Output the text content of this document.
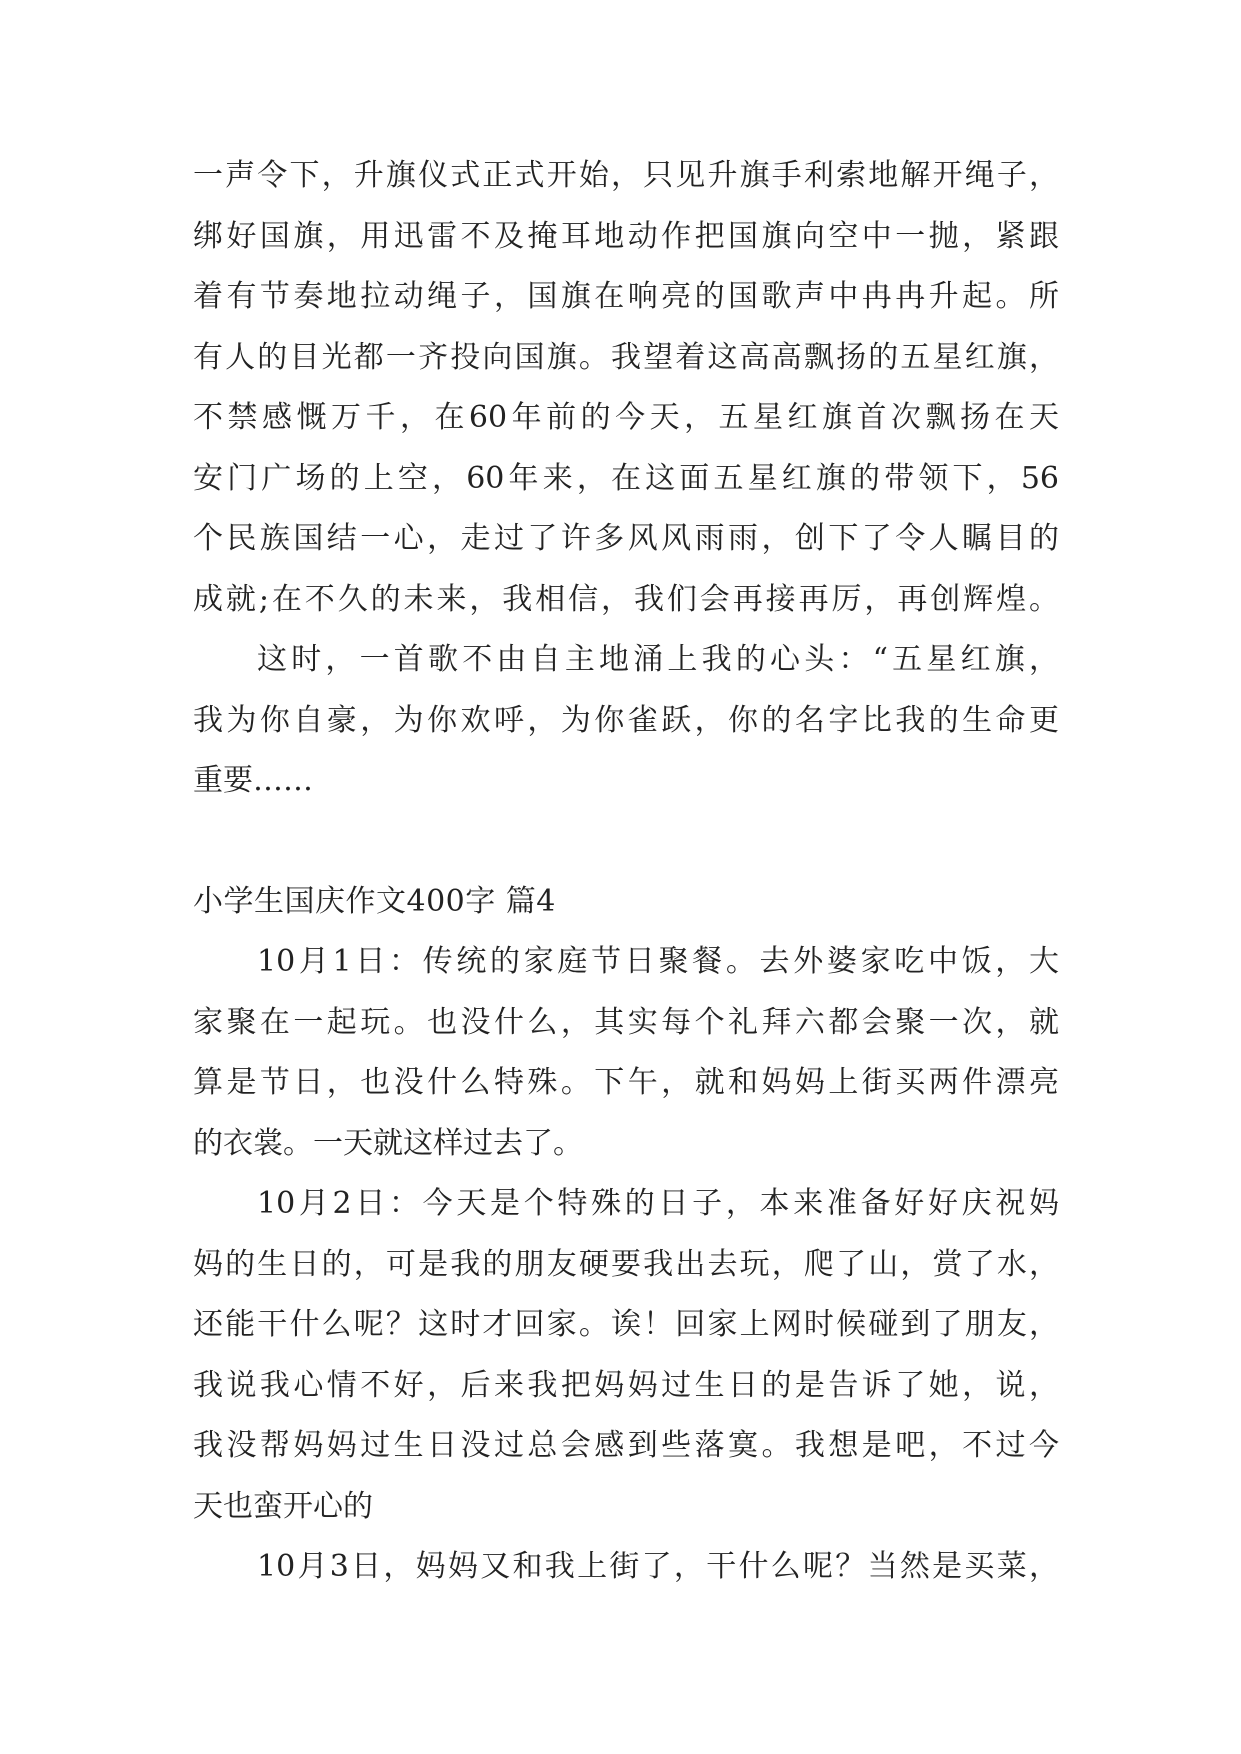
一声令下，升旗仪式正式开始，只见升旗手利索地解开绳子，
绑好国旗，用迅雷不及掩耳地动作把国旗向空中一抛，紧跟
着有节奏地拉动绳子，国旗在响亮的国歌声中冉冉升起。所
有人的目光都一齐投向国旗。我望着这高高飘扬的五星红旗，
不禁感慨万千，在60年前的今天，五星红旗首次飘扬在天
安门广场的上空，60年来，在这面五星红旗的带领下，56
个民族国结一心，走过了许多风风雨雨，创下了令人瞩目的
成就;在不久的未来，我相信，我们会再接再厉，再创辉煌。

这时，一首歌不由自主地涌上我的心头：“五星红旗，
我为你自豪，为你欢呼，为你雀跃，你的名字比我的生命更
重要……

小学生国庆作文400字 篇4

10月1日：传统的家庭节日聚餐。去外婆家吃中饭，大
家聚在一起玩。也没什么，其实每个礼拜六都会聚一次，就
算是节日，也没什么特殊。下午，就和妈妈上街买两件漂亮
的衣裳。一天就这样过去了。

10月2日：今天是个特殊的日子，本来准备好好庆祝妈
妈的生日的，可是我的朋友硬要我出去玩，爬了山，赏了水，
还能干什么呢？这时才回家。诶！回家上网时候碰到了朋友，
我说我心情不好，后来我把妈妈过生日的是告诉了她，说，
我没帮妈妈过生日没过总会感到些落寞。我想是吧，不过今
天也蛮开心的

10月3日，妈妈又和我上街了，干什么呢？当然是买菜，
